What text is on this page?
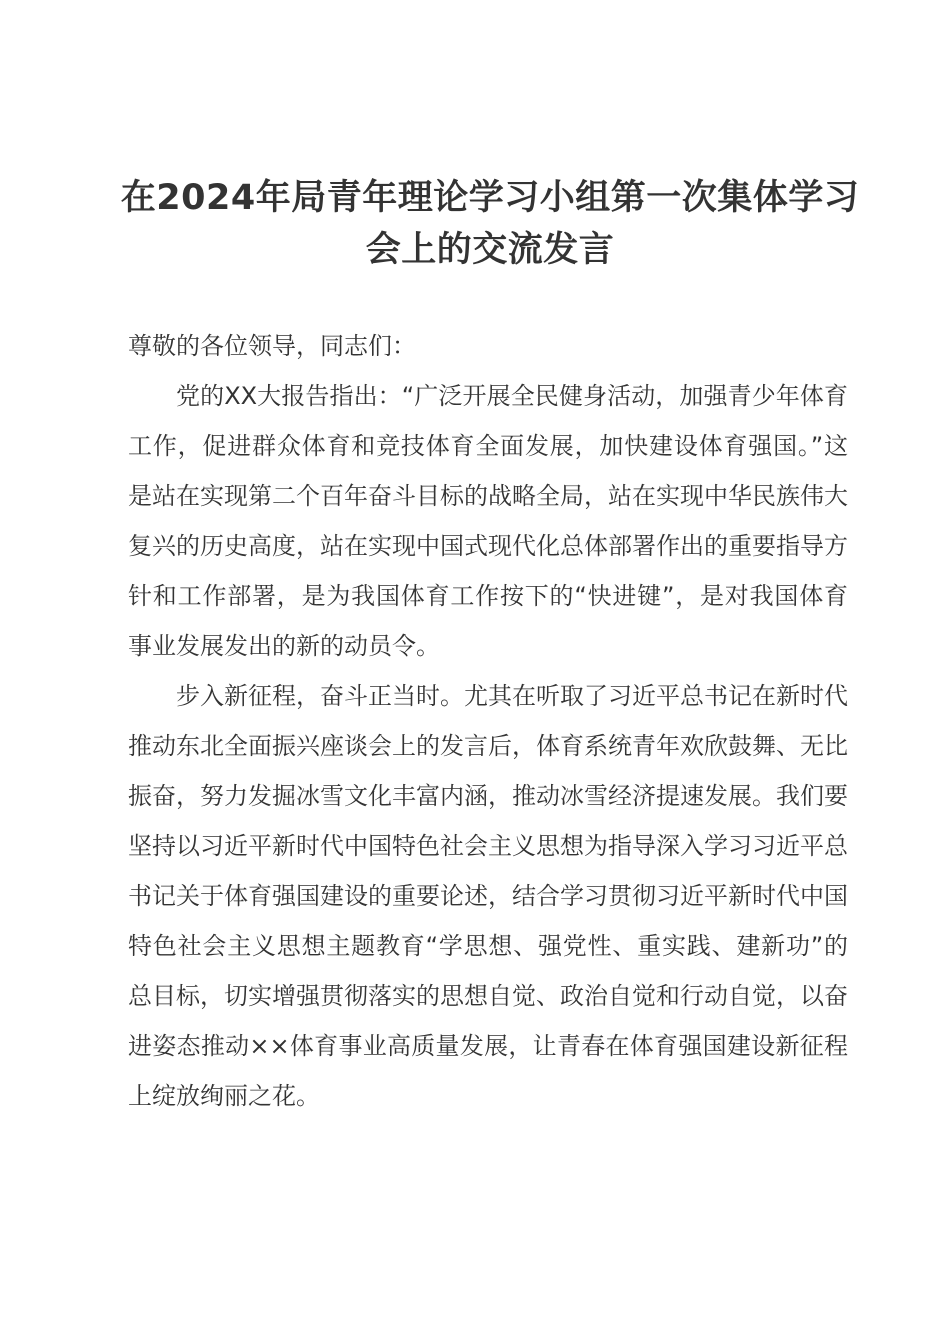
在2024年局青年理论学习小组第一次集体学习
会上的交流发言

尊敬的各位领导，同志们：

党的XX大报告指出：“广泛开展全民健身活动，加强青少年体育工作，促进群众体育和竞技体育全面发展，加快建设体育强国。”这是站在实现第二个百年奋斗目标的战略全局，站在实现中华民族伟大复兴的历史高度，站在实现中国式现代化总体部署作出的重要指导方针和工作部署，是为我国体育工作按下的“快进键”，是对我国体育事业发展发出的新的动员令。

步入新征程，奋斗正当时。尤其在听取了习近平总书记在新时代推动东北全面振兴座谈会上的发言后，体育系统青年欢欣鼓舞、无比振奋，努力发掘冰雪文化丰富内涵，推动冰雪经济提速发展。我们要坚持以习近平新时代中国特色社会主义思想为指导深入学习习近平总书记关于体育强国建设的重要论述，结合学习贯彻习近平新时代中国特色社会主义思想主题教育“学思想、强党性、重实践、建新功”的总目标，切实增强贯彻落实的思想自觉、政治自觉和行动自觉，以奋进姿态推动××体育事业高质量发展，让青春在体育强国建设新征程上绽放绚丽之花。
